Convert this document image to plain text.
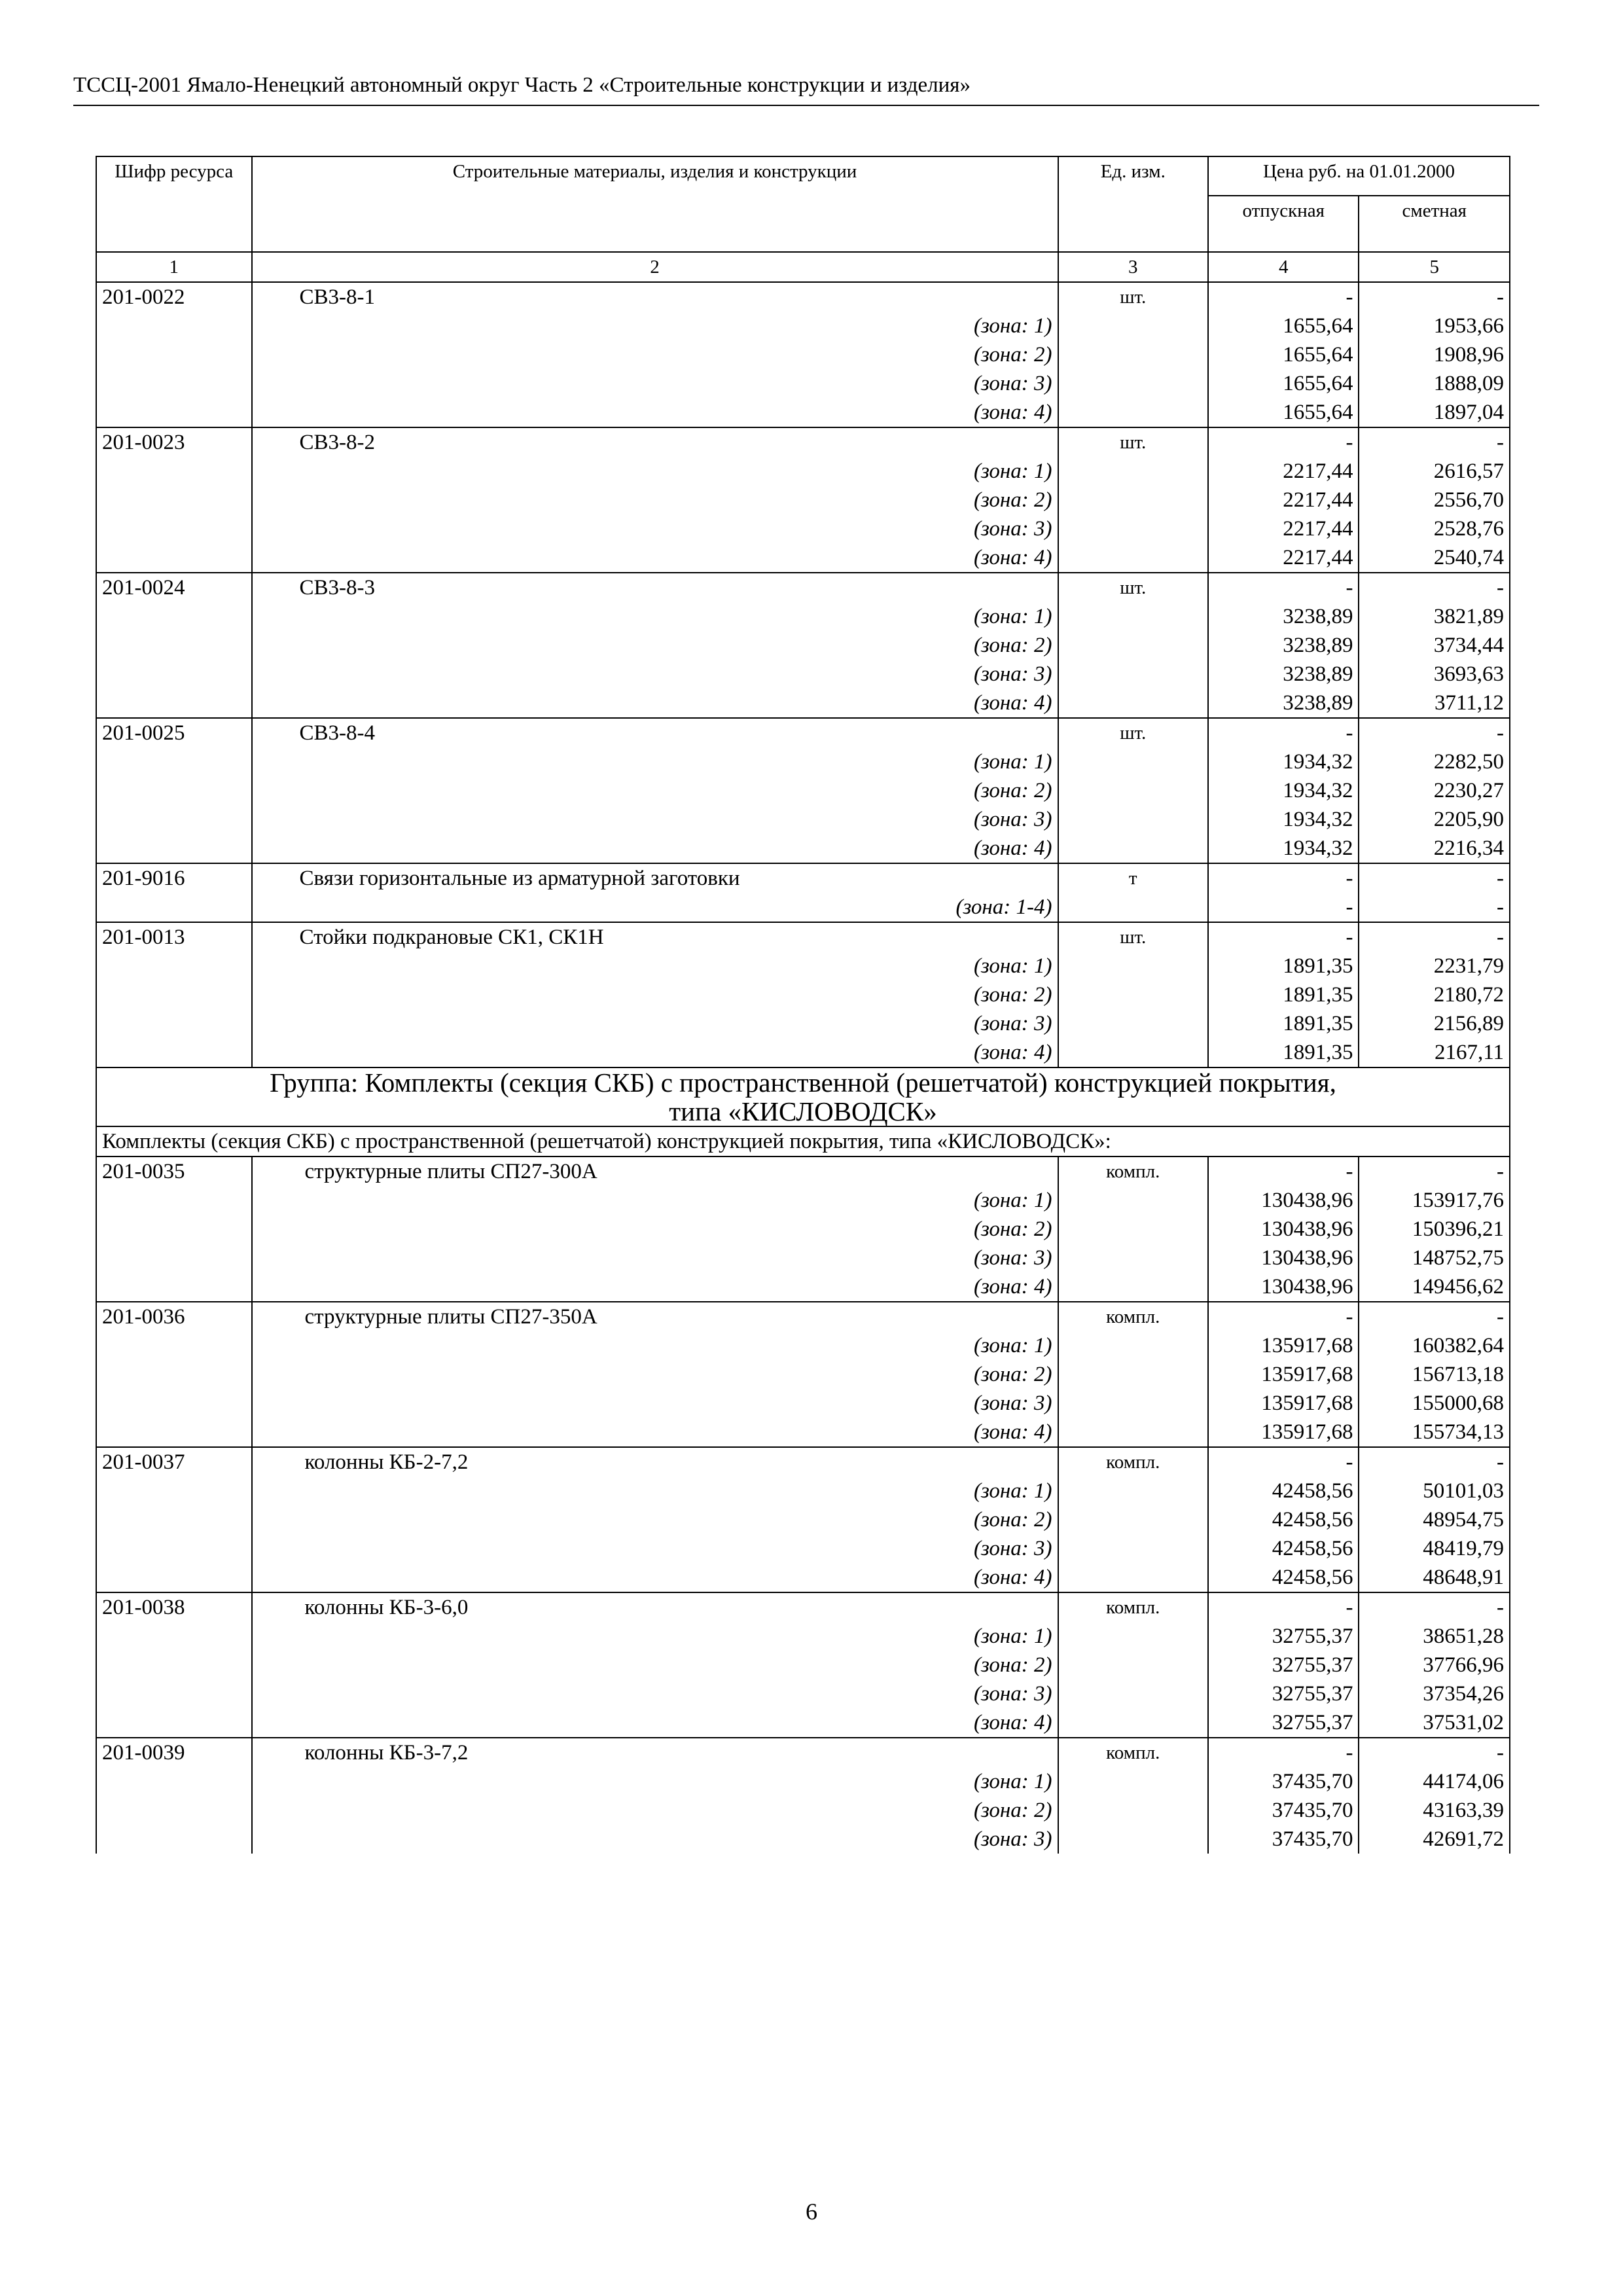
ТССЦ-2001 Ямало-Ненецкий автономный округ Часть 2 «Строительные конструкции и изделия»
Шифр ресурса	Строительные материалы, изделия и конструкции	Ед. изм.	Цена руб. на 01.01.2000	
			отпускная	сметная
1	2	3	4	5
201-0022	СВ3-8-1	шт.	-	-
	(зона: 1)		1655,64	1953,66
	(зона: 2)		1655,64	1908,96
	(зона: 3)		1655,64	1888,09
	(зона: 4)		1655,64	1897,04
201-0023	СВ3-8-2	шт.	-	-
	(зона: 1)		2217,44	2616,57
	(зона: 2)		2217,44	2556,70
	(зона: 3)		2217,44	2528,76
	(зона: 4)		2217,44	2540,74
201-0024	СВ3-8-3	шт.	-	-
	(зона: 1)		3238,89	3821,89
	(зона: 2)		3238,89	3734,44
	(зона: 3)		3238,89	3693,63
	(зона: 4)		3238,89	3711,12
201-0025	СВ3-8-4	шт.	-	-
	(зона: 1)		1934,32	2282,50
	(зона: 2)		1934,32	2230,27
	(зона: 3)		1934,32	2205,90
	(зона: 4)		1934,32	2216,34
201-9016	Связи горизонтальные из арматурной заготовки	т	-	-
	(зона: 1-4)		-	-
201-0013	Стойки подкрановые СК1, СК1Н	шт.	-	-
	(зона: 1)		1891,35	2231,79
	(зона: 2)		1891,35	2180,72
	(зона: 3)		1891,35	2156,89
	(зона: 4)		1891,35	2167,11

Группа: Комплекты (секция СКБ) с пространственной (решетчатой) конструкцией покрытия,
типа «КИСЛОВОДСК»				

Комплекты (секция СКБ) с пространственной (решетчатой) конструкцией покрытия, типа «КИСЛОВОДСК»:				
201-0035	структурные плиты СП27-300А	компл.	-	-
	(зона: 1)		130438,96	153917,76
	(зона: 2)		130438,96	150396,21
	(зона: 3)		130438,96	148752,75
	(зона: 4)		130438,96	149456,62
201-0036	структурные плиты СП27-350А	компл.	-	-
	(зона: 1)		135917,68	160382,64
	(зона: 2)		135917,68	156713,18
	(зона: 3)		135917,68	155000,68
	(зона: 4)		135917,68	155734,13
201-0037	колонны КБ-2-7,2	компл.	-	-
	(зона: 1)		42458,56	50101,03
	(зона: 2)		42458,56	48954,75
	(зона: 3)		42458,56	48419,79
	(зона: 4)		42458,56	48648,91
201-0038	колонны КБ-3-6,0	компл.	-	-
	(зона: 1)		32755,37	38651,28
	(зона: 2)		32755,37	37766,96
	(зона: 3)		32755,37	37354,26
	(зона: 4)		32755,37	37531,02
201-0039	колонны КБ-3-7,2	компл.	-	-
	(зона: 1)		37435,70	44174,06
	(зона: 2)		37435,70	43163,39
	(зона: 3)		37435,70	42691,72
6
